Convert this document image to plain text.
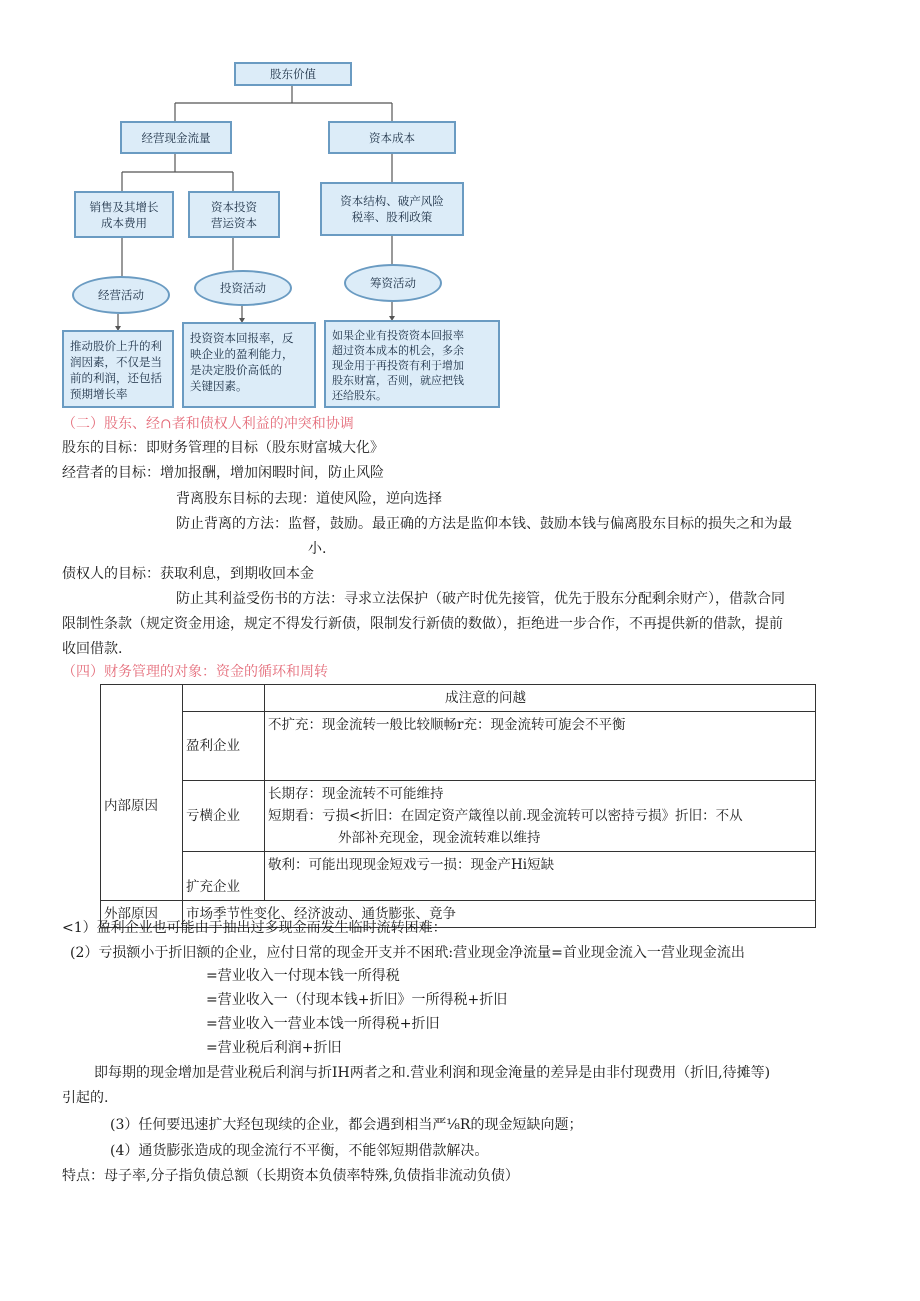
股东价值
经营现金流量	资本成本
销售及其增长
成本费用
资本投资
营运资本
资本结构、破产风险
税率、股利政策
经营活动	投资活动	筹资活动
推动股价上升的利
润因素，不仅是当
前的利润，还包括
预期增长率
投资资本回报率，反
映企业的盈利能力，
是决定股价高低的
关键因素。
如果企业有投资资本回报率
超过资本成本的机会，多余
现金用于再投资有利于增加
股东财富，否则，就应把钱
还给股东。
（二）股东、经∩者和债权人利益的冲突和协调
股东的目标：即财务管理的目标（股东财富城大化》
经营者的目标：增加报酬，增加闲暇时间，防止风险
背离股东目标的去现：道使风险，逆向选择
防止背离的方法：监督，鼓励。最正确的方法是监仰本钱、鼓励本钱与偏离股东目标的损失之和为最
小.
债权人的目标：获取利息，到期收回本金
防止其利益受伤书的方法：寻求立法保护（破产时优先接管，优先于股东分配剩余财产），借款合同
限制性条款（规定资金用途，规定不得发行新债，限制发行新债的数做），拒绝进一步合作，不再提供新的借款，提前
收回借款.
（四）财务管理的对象：资金的循环和周转
		成注意的问越
内部原因	盈利企业	不扩充：现金流转一般比较顺畅r充：现金流转可旎会不平衡

	亏横企业	长期存：现金流转不可能维持
短期看：亏损<折旧：在固定资产箴徨以前.现金流转可以密持亏损》折旧：不从
外部补充现金，现金流转难以维持

	扩充企业	敬利：可能出现现金短戏亏一损：现金产Hi短缺

外部原因	市场季节性变化、经济波动、通货膨张、竟争	
<1）盈利企业也可能由于抽出过多现金而发生临时流转困难：
(2）亏损额小于折旧额的企业，应付日常的现金开支并不困玳:营业现金净流量=首业现金流入一营业现金流出
=营业收入一付现本钱一所得税
=营业收入一（付现本钱+折旧》一所得税+折旧
=营业收入一营业本饯一所得税+折旧
=营业税后利润+折旧
即每期的现金增加是营业税后利润与折IH两者之和.营业利润和现金淹量的差异是由非付现费用（折旧,待摊等)
引起的.
(3）任何要迅速扩大羟包现续的企业，都会遇到相当严⅛R的现金短缺向题；
(4）通货膨张造成的现金流行不平衡，不能邻短期借款解决。
特点：母子率,分子指负债总额（长期资本负债率特殊,负债指非流动负债）
